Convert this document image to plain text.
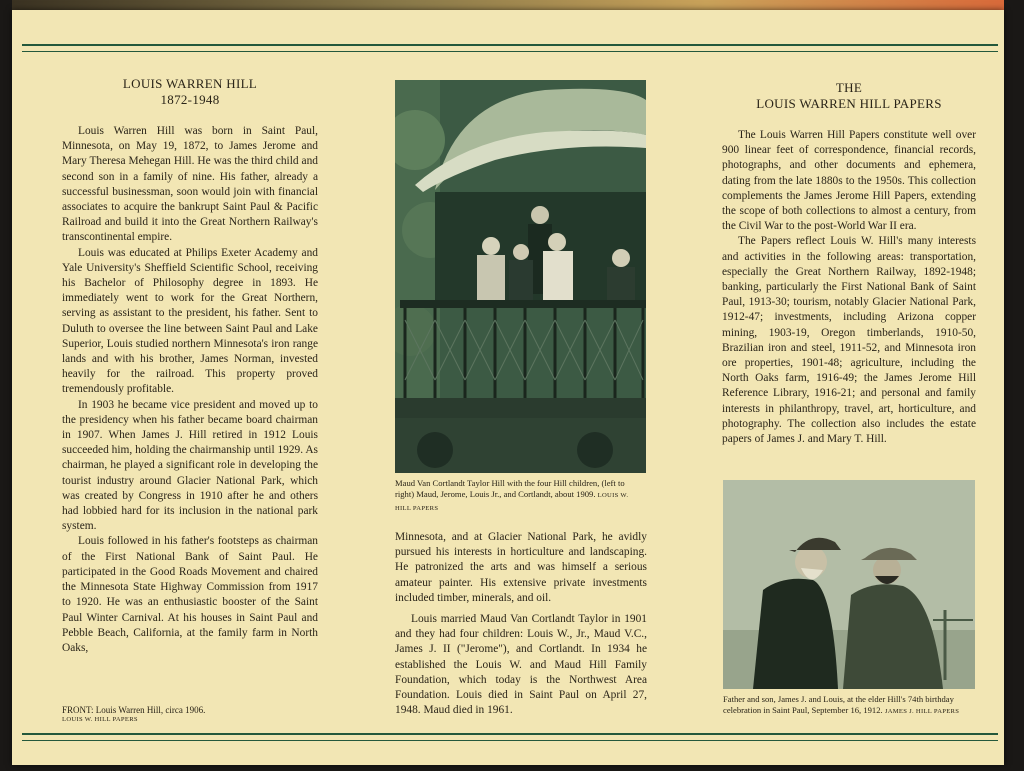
LOUIS WARREN HILL
1872-1948

Louis Warren Hill was born in Saint Paul, Minnesota, on May 19, 1872, to James Jerome and Mary Theresa Mehegan Hill. He was the third child and second son in a family of nine. His father, already a successful businessman, soon would join with financial associates to acquire the bankrupt Saint Paul & Pacific Railroad and build it into the Great Northern Railway's transcontinental empire.

Louis was educated at Philips Exeter Academy and Yale University's Sheffield Scientific School, receiving his Bachelor of Philosophy degree in 1893. He immediately went to work for the Great Northern, serving as assistant to the president, his father. Sent to Duluth to oversee the line between Saint Paul and Lake Superior, Louis studied northern Minnesota's iron range lands and with his brother, James Norman, invested heavily for the railroad. This property proved tremendously profitable.

In 1903 he became vice president and moved up to the presidency when his father became board chairman in 1907. When James J. Hill retired in 1912 Louis succeeded him, holding the chairmanship until 1929. As chairman, he played a significant role in developing the tourist industry around Glacier National Park, which was created by Congress in 1910 after he and others had lobbied hard for its inclusion in the national park system.

Louis followed in his father's footsteps as chairman of the First National Bank of Saint Paul. He participated in the Good Roads Movement and chaired the Minnesota State Highway Commission from 1917 to 1920. He was an enthusiastic booster of the Saint Paul Winter Carnival. At his houses in Saint Paul and Pebble Beach, California, at the family farm in North Oaks,

FRONT: Louis Warren Hill, circa 1906.
LOUIS W. HILL PAPERS
Maud Van Cortlandt Taylor Hill with the four Hill children, (left to right) Maud, Jerome, Louis Jr., and Cortlandt, about 1909. LOUIS W. HILL PAPERS

Minnesota, and at Glacier National Park, he avidly pursued his interests in horticulture and landscaping. He patronized the arts and was himself a serious amateur painter. His extensive private investments included timber, minerals, and oil.

Louis married Maud Van Cortlandt Taylor in 1901 and they had four children: Louis W., Jr., Maud V.C., James J. II ("Jerome"), and Cortlandt. In 1934 he established the Louis W. and Maud Hill Family Foundation, which today is the Northwest Area Foundation. Louis died in Saint Paul on April 27, 1948. Maud died in 1961.

THE
LOUIS WARREN HILL PAPERS

The Louis Warren Hill Papers constitute well over 900 linear feet of correspondence, financial records, photographs, and other documents and ephemera, dating from the late 1880s to the 1950s. This collection complements the James Jerome Hill Papers, extending the scope of both collections to almost a century, from the Civil War to the post-World War II era.

The Papers reflect Louis W. Hill's many interests and activities in the following areas: transportation, especially the Great Northern Railway, 1892-1948; banking, particularly the First National Bank of Saint Paul, 1913-30; tourism, notably Glacier National Park, 1912-47; investments, including Arizona copper mining, 1903-19, Oregon timberlands, 1910-50, Brazilian iron and steel, 1911-52, and Minnesota iron ore properties, 1901-48; agriculture, including the North Oaks farm, 1916-49; the James Jerome Hill Reference Library, 1916-21; and personal and family interests in philanthropy, travel, art, horticulture, and photography. The collection also includes the estate papers of James J. and Mary T. Hill.

Father and son, James J. and Louis, at the elder Hill's 74th birthday celebration in Saint Paul, September 16, 1912. JAMES J. HILL PAPERS
